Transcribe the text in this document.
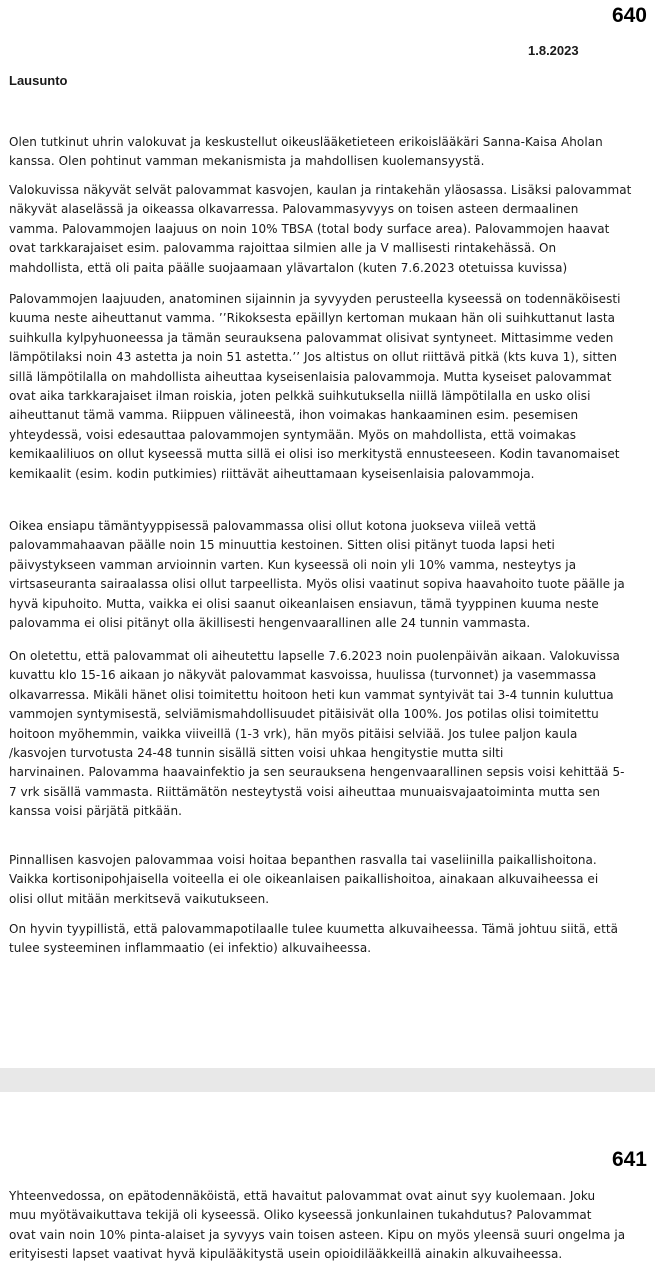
640
1.8.2023
Lausunto

Olen tutkinut uhrin valokuvat ja keskustellut oikeuslääketieteen erikoislääkäri Sanna-Kaisa Aholan
kanssa. Olen pohtinut vamman mekanismista ja mahdollisen kuolemansyystä.

Valokuvissa näkyvät selvät palovammat kasvojen, kaulan ja rintakehän yläosassa. Lisäksi palovammat
näkyvät alaselässä ja oikeassa olkavarressa. Palovammasyvyys on toisen asteen dermaalinen
vamma. Palovammojen laajuus on noin 10% TBSA (total body surface area). Palovammojen haavat
ovat tarkkarajaiset esim. palovamma rajoittaa silmien alle ja V mallisesti rintakehässä. On
mahdollista, että oli paita päälle suojaamaan ylävartalon (kuten 7.6.2023 otetuissa kuvissa)

Palovammojen laajuuden, anatominen sijainnin ja syvyyden perusteella kyseessä on todennäköisesti
kuuma neste aiheuttanut vamma. ’’Rikoksesta epäillyn kertoman mukaan hän oli suihkuttanut lasta
suihkulla kylpyhuoneessa ja tämän seurauksena palovammat olisivat syntyneet. Mittasimme veden
lämpötilaksi noin 43 astetta ja noin 51 astetta.’’ Jos altistus on ollut riittävä pitkä (kts kuva 1), sitten
sillä lämpötilalla on mahdollista aiheuttaa kyseisenlaisia palovammoja. Mutta kyseiset palovammat
ovat aika tarkkarajaiset ilman roiskia, joten pelkkä suihkutuksella niillä lämpötilalla en usko olisi
aiheuttanut tämä vamma. Riippuen välineestä, ihon voimakas hankaaminen esim. pesemisen
yhteydessä, voisi edesauttaa palovammojen syntymään. Myös on mahdollista, että voimakas
kemikaaliliuos on ollut kyseessä mutta sillä ei olisi iso merkitystä ennusteeseen. Kodin tavanomaiset
kemikaalit (esim. kodin putkimies) riittävät aiheuttamaan kyseisenlaisia palovammoja.

Oikea ensiapu tämäntyyppisessä palovammassa olisi ollut kotona juokseva viileä vettä
palovammahaavan päälle noin 15 minuuttia kestoinen. Sitten olisi pitänyt tuoda lapsi heti
päivystykseen vamman arvioinnin varten. Kun kyseessä oli noin yli 10% vamma, nesteytys ja
virtsaseuranta sairaalassa olisi ollut tarpeellista. Myös olisi vaatinut sopiva haavahoito tuote päälle ja
hyvä kipuhoito. Mutta, vaikka ei olisi saanut oikeanlaisen ensiavun, tämä tyyppinen kuuma neste
palovamma ei olisi pitänyt olla äkillisesti hengenvaarallinen alle 24 tunnin vammasta.

On oletettu, että palovammat oli aiheutettu lapselle 7.6.2023 noin puolenpäivän aikaan. Valokuvissa
kuvattu klo 15-16 aikaan jo näkyvät palovammat kasvoissa, huulissa (turvonnet) ja vasemmassa
olkavarressa. Mikäli hänet olisi toimitettu hoitoon heti kun vammat syntyivät tai 3-4 tunnin kuluttua
vammojen syntymisestä, selviämismahdollisuudet pitäisivät olla 100%. Jos potilas olisi toimitettu
hoitoon myöhemmin, vaikka viiveillä (1-3 vrk), hän myös pitäisi selviää. Jos tulee paljon kaula
/kasvojen turvotusta 24-48 tunnin sisällä sitten voisi uhkaa hengitystie mutta silti
harvinainen. Palovamma haavainfektio ja sen seurauksena hengenvaarallinen sepsis voisi kehittää 5-
7 vrk sisällä vammasta. Riittämätön nesteytystä voisi aiheuttaa munuaisvajaatoiminta mutta sen
kanssa voisi pärjätä pitkään.

Pinnallisen kasvojen palovammaa voisi hoitaa bepanthen rasvalla tai vaseliinilla paikallishoitona.
Vaikka kortisonipohjaisella voiteella ei ole oikeanlaisen paikallishoitoa, ainakaan alkuvaiheessa ei
olisi ollut mitään merkitsevä vaikutukseen.

On hyvin tyypillistä, että palovammapotilaalle tulee kuumetta alkuvaiheessa. Tämä johtuu siitä, että
tulee systeeminen inflammaatio (ei infektio) alkuvaiheessa.

641

Yhteenvedossa, on epätodennäköistä, että havaitut palovammat ovat ainut syy kuolemaan. Joku
muu myötävaikuttava tekijä oli kyseessä. Oliko kyseessä jonkunlainen tukahdutus? Palovammat
ovat vain noin 10% pinta-alaiset ja syvyys vain toisen asteen. Kipu on myös yleensä suuri ongelma ja
erityisesti lapset vaativat hyvä kipulääkitystä usein opioidilääkkeillä ainakin alkuvaiheessa.
